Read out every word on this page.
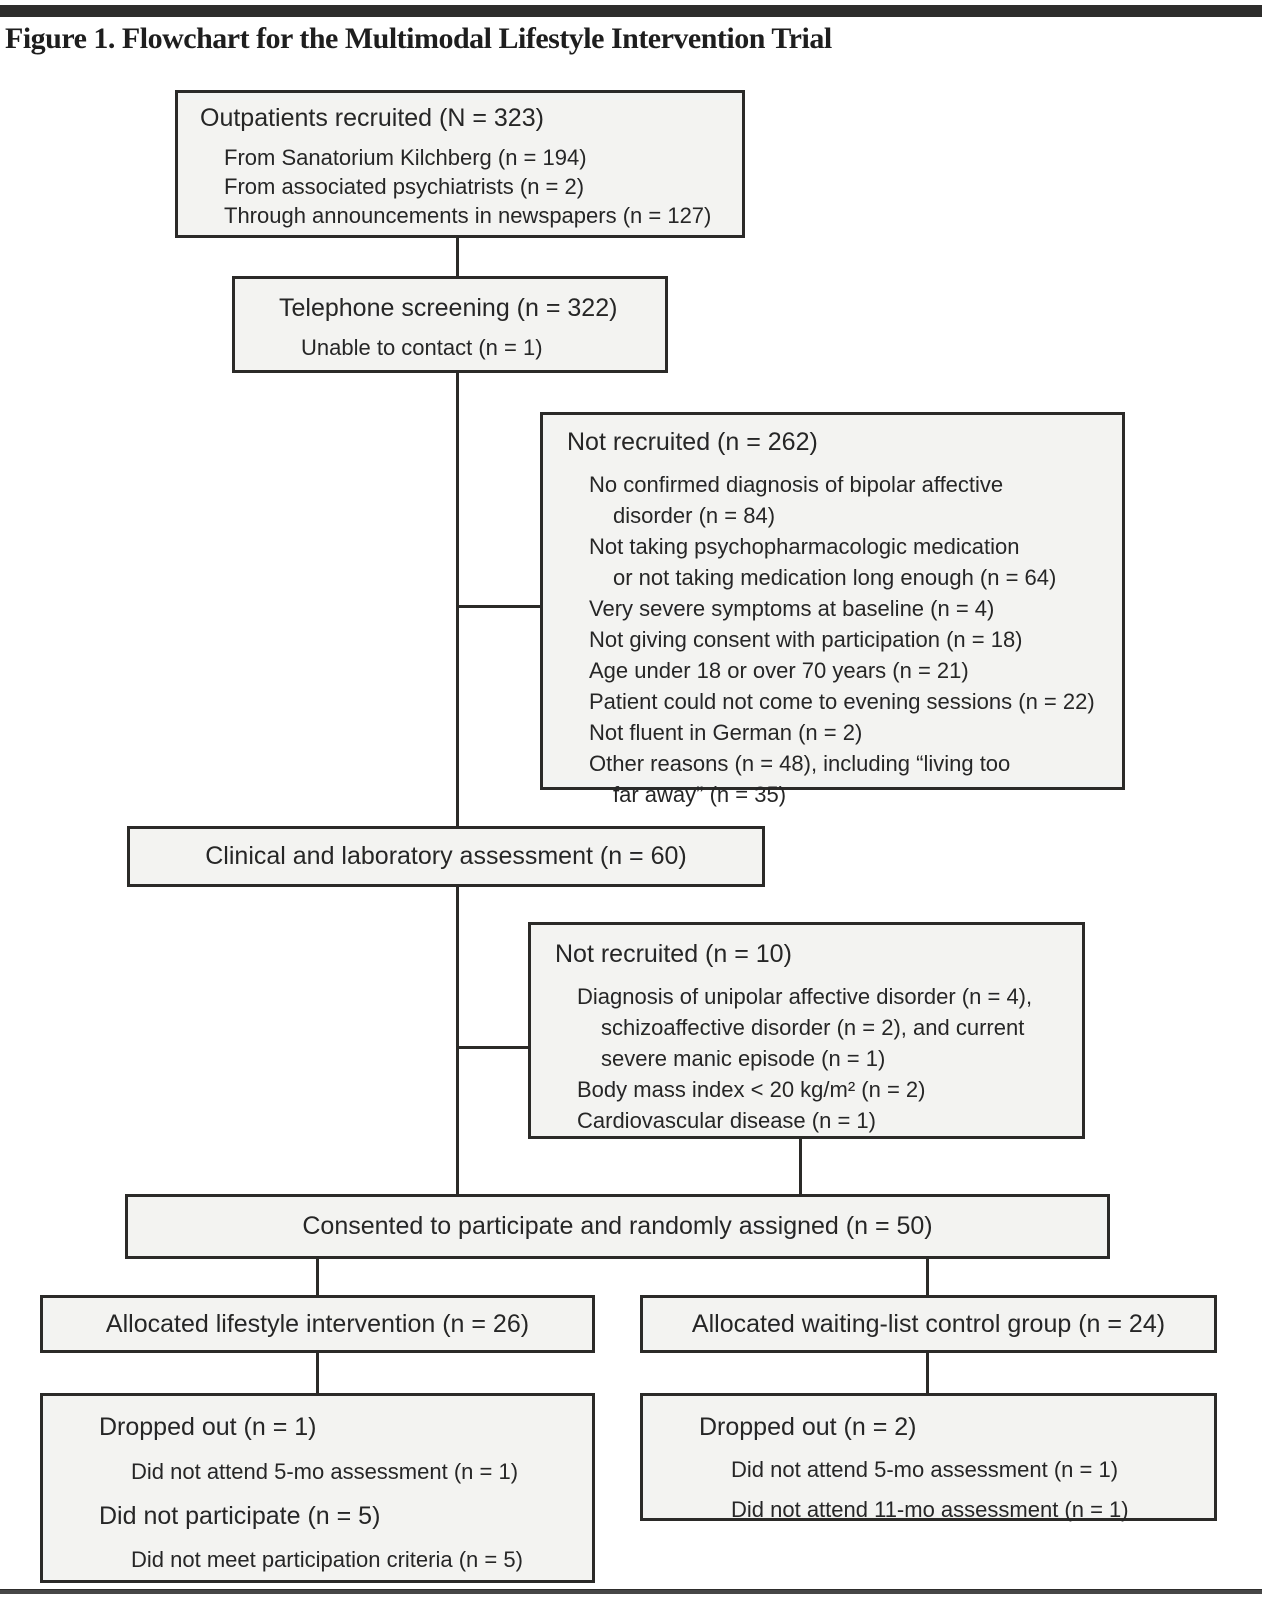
Figure 1. Flowchart for the Multimodal Lifestyle Intervention Trial
Outpatients recruited (N = 323)
From Sanatorium Kilchberg (n = 194)
From associated psychiatrists (n = 2)
Through announcements in newspapers (n = 127)
Telephone screening (n = 322)
Unable to contact (n = 1)
Not recruited (n = 262)
No confirmed diagnosis of bipolar affective
disorder (n = 84)
Not taking psychopharmacologic medication
or not taking medication long enough (n = 64)
Very severe symptoms at baseline (n = 4)
Not giving consent with participation (n = 18)
Age under 18 or over 70 years (n = 21)
Patient could not come to evening sessions (n = 22)
Not fluent in German (n = 2)
Other reasons (n = 48), including “living too
far away” (n = 35)
Clinical and laboratory assessment (n = 60)
Not recruited (n = 10)
Diagnosis of unipolar affective disorder (n = 4),
schizoaffective disorder (n = 2), and current
severe manic episode (n = 1)
Body mass index < 20 kg/m² (n = 2)
Cardiovascular disease (n = 1)
Consented to participate and randomly assigned (n = 50)
Allocated lifestyle intervention (n = 26)	Allocated waiting-list control group (n = 24)
Dropped out (n = 1)
Did not attend 5-mo assessment (n = 1)
Did not participate (n = 5)
Did not meet participation criteria (n = 5)
Dropped out (n = 2)
Did not attend 5-mo assessment (n = 1)
Did not attend 11-mo assessment (n = 1)
